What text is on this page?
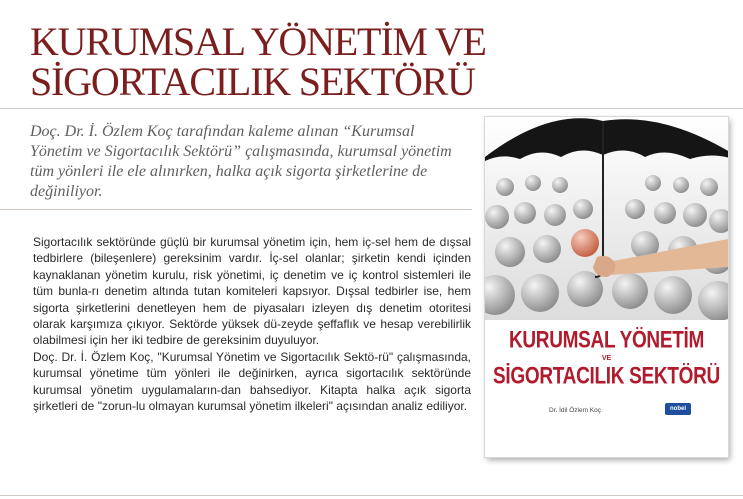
KURUMSAL YÖNETİM VE
SİGORTACILIK SEKTÖRÜ
Doç. Dr. İ. Özlem Koç tarafından kaleme alınan “Kurumsal Yönetim ve Sigortacılık Sektörü” çalışmasında, kurumsal yönetim tüm yönleri ile ele alınırken, halka açık sigorta şirketlerine de değiniliyor.

Sigortacılık sektöründe güçlü bir kurumsal yönetim için, hem iç-sel hem de dışsal tedbirlere (bileşenlere) gereksinim vardır. İç-sel olanlar; şirketin kendi içinden kaynaklanan yönetim kurulu, risk yönetimi, iç denetim ve iç kontrol sistemleri ile tüm bunla-rı denetim altında tutan komiteleri kapsıyor. Dışsal tedbirler ise, hem sigorta şirketlerini denetleyen hem de piyasaları izleyen dış denetim otoritesi olarak karşımıza çıkıyor. Sektörde yüksek dü-zeyde şeffaflık ve hesap verebilirlik olabilmesi için her iki tedbire de gereksinim duyuluyor.

Doç. Dr. İ. Özlem Koç, "Kurumsal Yönetim ve Sigortacılık Sektö-rü" çalışmasında, kurumsal yönetime tüm yönleri ile değinirken, ayrıca sigortacılık sektöründe kurumsal yönetim uygulamaların-dan bahsediyor. Kitapta halka açık sigorta şirketleri de "zorun-lu olmayan kurumsal yönetim ilkeleri" açısından analiz ediliyor.

KURUMSAL YÖNETİM
VE
SİGORTACILIK SEKTÖRÜ
Dr. İdil Özlem Koç	nobel
